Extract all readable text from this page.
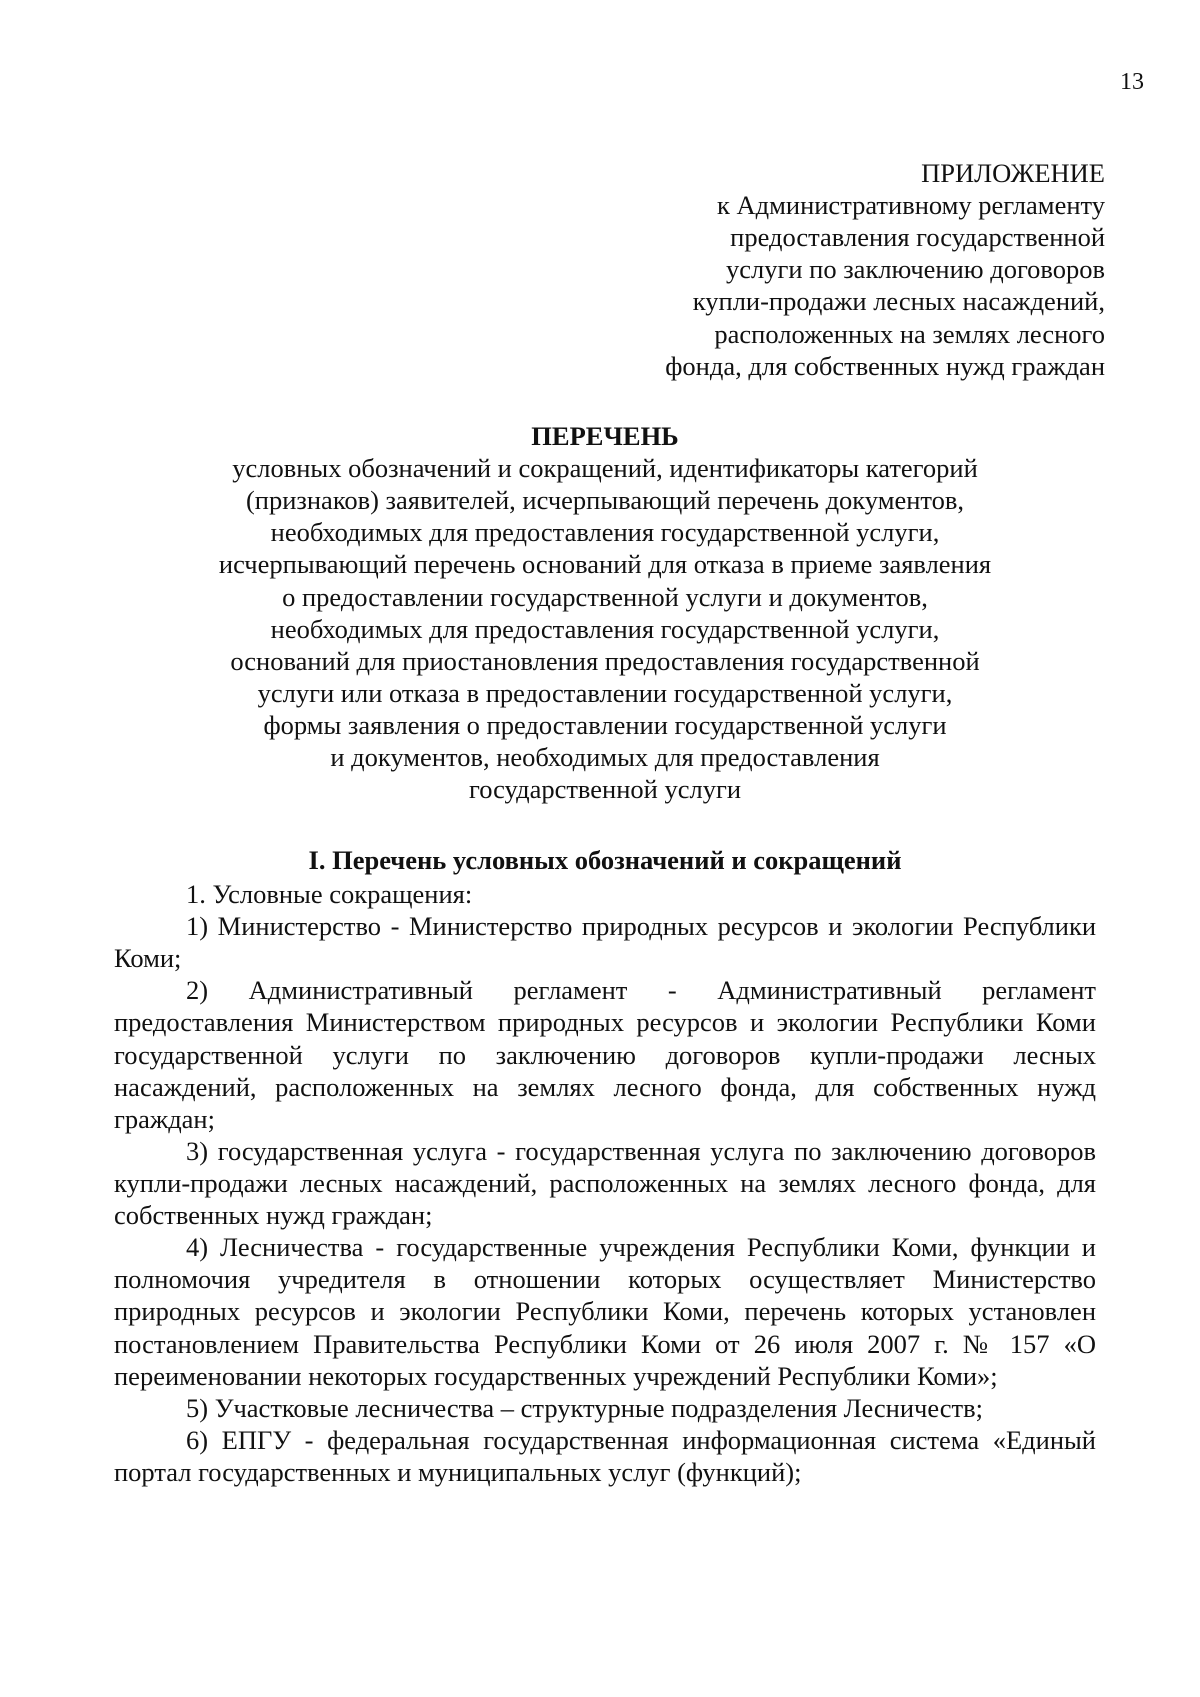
13
ПРИЛОЖЕНИЕ
к Административному регламенту
предоставления государственной
услуги по заключению договоров
купли-продажи лесных насаждений,
расположенных на землях лесного
фонда, для собственных нужд граждан
ПЕРЕЧЕНЬ
условных обозначений и сокращений, идентификаторы категорий
(признаков) заявителей, исчерпывающий перечень документов,
необходимых для предоставления государственной услуги,
исчерпывающий перечень оснований для отказа в приеме заявления
о предоставлении государственной услуги и документов,
необходимых для предоставления государственной услуги,
оснований для приостановления предоставления государственной
услуги или отказа в предоставлении государственной услуги,
формы заявления о предоставлении государственной услуги
и документов, необходимых для предоставления
государственной услуги
I. Перечень условных обозначений и сокращений

1. Условные сокращения:

1) Министерство - Министерство природных ресурсов и экологии Республики Коми;

2) Административный регламент - Административный регламент предоставления Министерством природных ресурсов и экологии Республики Коми государственной услуги по заключению договоров купли-продажи лесных насаждений, расположенных на землях лесного фонда, для собственных нужд граждан;

3) государственная услуга - государственная услуга по заключению договоров купли-продажи лесных насаждений, расположенных на землях лесного фонда, для собственных нужд граждан;

4) Лесничества - государственные учреждения Республики Коми, функции и полномочия учредителя в отношении которых осуществляет Министерство природных ресурсов и экологии Республики Коми, перечень которых установлен постановлением Правительства Республики Коми от 26 июля 2007 г. № 157 «О переименовании некоторых государственных учреждений Республики Коми»;

5) Участковые лесничества – структурные подразделения Лесничеств;

6) ЕПГУ - федеральная государственная информационная система «Единый портал государственных и муниципальных услуг (функций);
